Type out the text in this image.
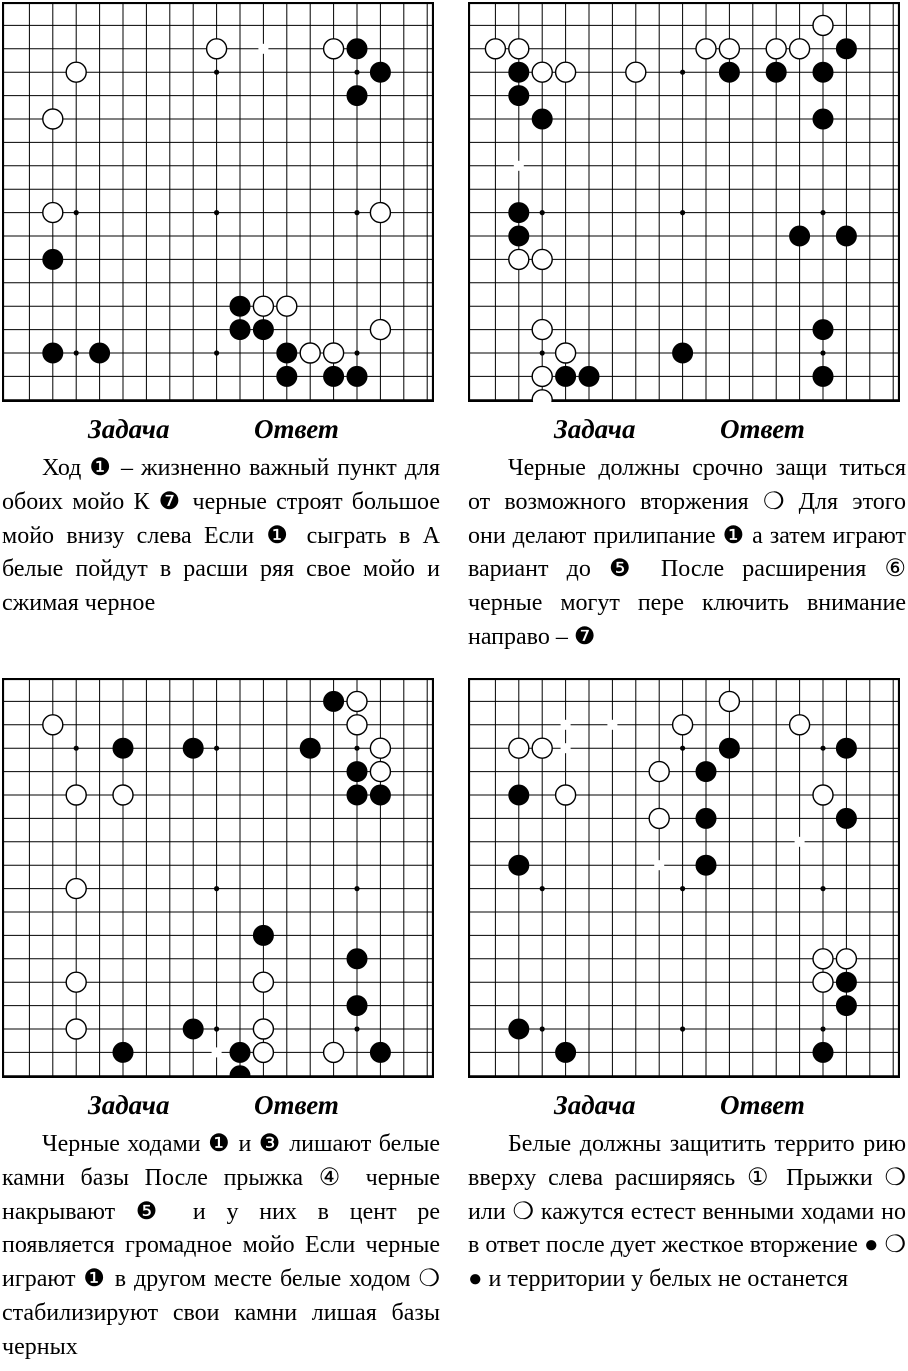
Задача	Ответ
Ход ❶ – жизненно важный пункт для обоих мойо К ❼ черные строят большое мойо внизу слева Если ❶ сыграть в A белые пойдут в расши ряя свое мойо и сжимая черное
Задача	Ответ
Черные должны срочно защи титься от возможного вторжения ❍ Для этого они делают прилипание ❶ а затем играют вариант до ❺ После расширения ⑥ черные могут пере ключить внимание направо – ❼
Задача	Ответ
Черные ходами ❶ и ❸ лишают белые камни базы После прыжка ④ черные накрывают ❺ и у них в цент ре появляется громадное мойо Если черные играют ❶ в другом месте белые ходом ❍ стабилизируют свои камни лишая базы черных
Задача	Ответ
Белые должны защитить террито рию вверху слева расширяясь ① Прыжки ❍ или ❍ кажутся естест венными ходами но в ответ после дует жесткое вторжение ● ❍ ● и территории у белых не останется
